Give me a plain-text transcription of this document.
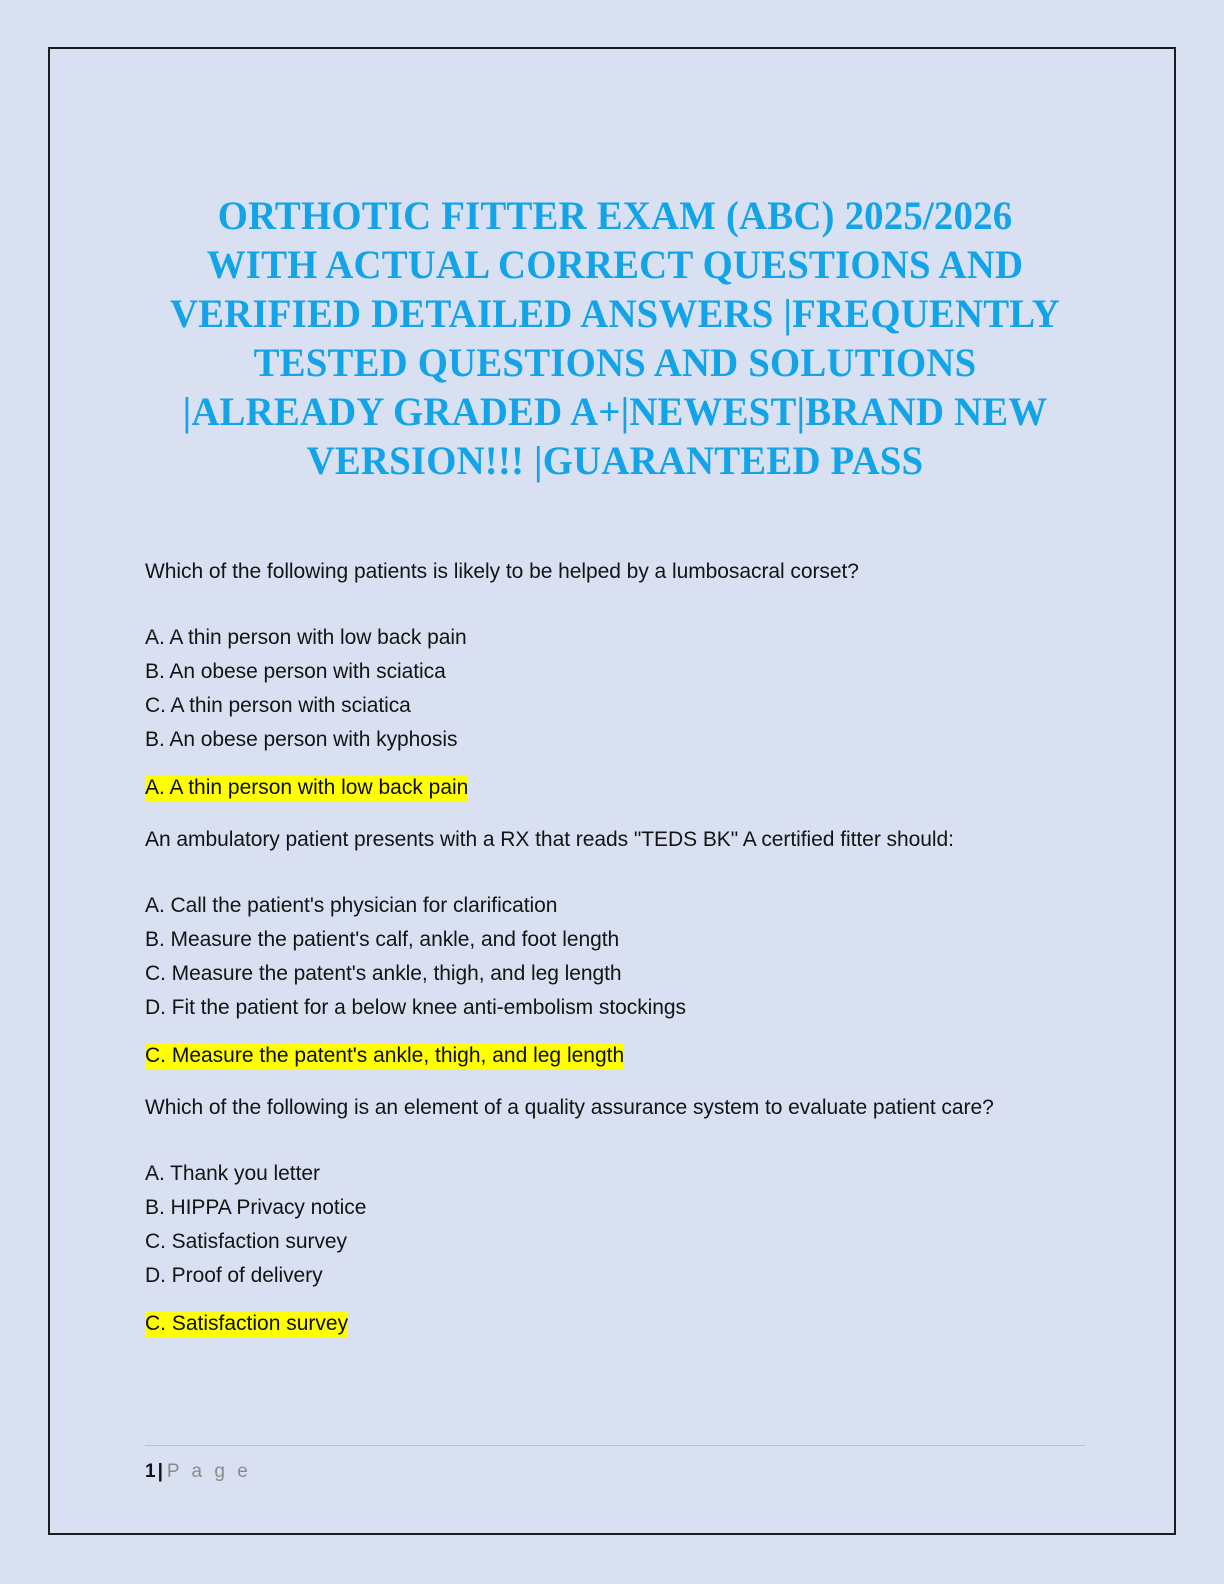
ORTHOTIC FITTER EXAM (ABC) 2025/2026 WITH ACTUAL CORRECT QUESTIONS AND VERIFIED DETAILED ANSWERS |FREQUENTLY TESTED QUESTIONS AND SOLUTIONS |ALREADY GRADED A+|NEWEST|BRAND NEW VERSION!!! |GUARANTEED PASS

Which of the following patients is likely to be helped by a lumbosacral corset?

A. A thin person with low back pain
B. An obese person with sciatica
C. A thin person with sciatica
B. An obese person with kyphosis

A. A thin person with low back pain

An ambulatory patient presents with a RX that reads "TEDS BK" A certified fitter should:

A. Call the patient's physician for clarification
B. Measure the patient's calf, ankle, and foot length
C. Measure the patent's ankle, thigh, and leg length
D. Fit the patient for a below knee anti-embolism stockings

C. Measure the patent's ankle, thigh, and leg length

Which of the following is an element of a quality assurance system to evaluate patient care?

A. Thank you letter
B. HIPPA Privacy notice
C. Satisfaction survey
D. Proof of delivery

C. Satisfaction survey

1 | P a g e
